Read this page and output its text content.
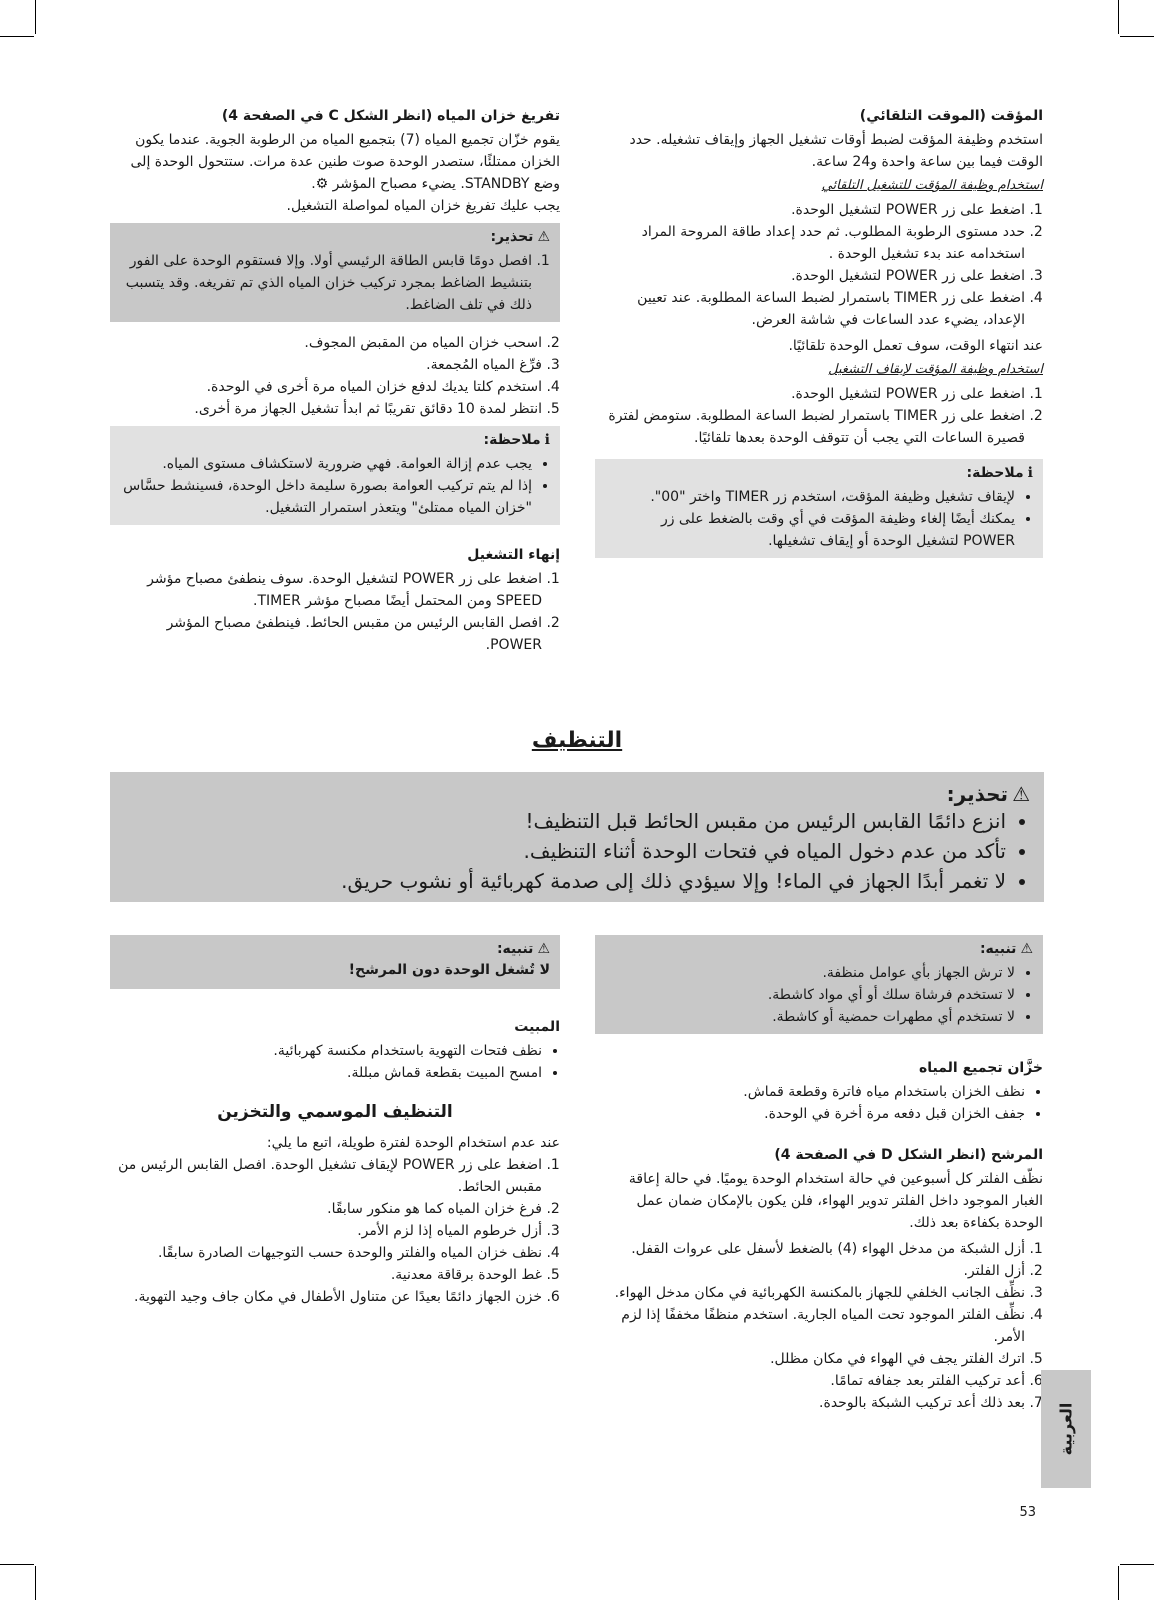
المؤقت (الموقت التلقائي)

استخدم وظيفة المؤقت لضبط أوقات تشغيل الجهاز وإيقاف تشغيله. حدد الوقت فيما بين ساعة واحدة و24 ساعة.

استخدام وظيفة المؤقت للتشغيل التلقائي
1. اضغط على زر POWER لتشغيل الوحدة.
2. حدد مستوى الرطوبة المطلوب. ثم حدد إعداد طاقة المروحة المراد استخدامه عند بدء تشغيل الوحدة .
3. اضغط على زر POWER لتشغيل الوحدة.
4. اضغط على زر TIMER باستمرار لضبط الساعة المطلوبة. عند تعيين الإعداد، يضيء عدد الساعات في شاشة العرض.

عند انتهاء الوقت، سوف تعمل الوحدة تلقائيًا.

استخدام وظيفة المؤقت لإيقاف التشغيل
1. اضغط على زر POWER لتشغيل الوحدة.
2. اضغط على زر TIMER باستمرار لضبط الساعة المطلوبة. ستومض لفترة قصيرة الساعات التي يجب أن تتوقف الوحدة بعدها تلقائيًا.
ℹملاحظة:
• لإيقاف تشغيل وظيفة المؤقت، استخدم زر TIMER واختر "00".
• يمكنك أيضًا إلغاء وظيفة المؤقت في أي وقت بالضغط على زر POWER لتشغيل الوحدة أو إيقاف تشغيلها.
تفريغ خزان المياه (انظر الشكل C في الصفحة 4)

يقوم خزّان تجميع المياه (7) بتجميع المياه من الرطوبة الجوية. عندما يكون الخزان ممتلئًا، ستصدر الوحدة صوت طنين عدة مرات. ستتحول الوحدة إلى وضع STANDBY. يضيء مصباح المؤشر ⚙.

يجب عليك تفريغ خزان المياه لمواصلة التشغيل.

⚠تحذير:
1. افصل دومًا قابس الطاقة الرئيسي أولا. وإلا فستقوم الوحدة على الفور بتنشيط الضاغط بمجرد تركيب خزان المياه الذي تم تفريغه. وقد يتسبب ذلك في تلف الضاغط.
2. اسحب خزان المياه من المقبض المجوف.
3. فرِّغ المياه المُجمعة.
4. استخدم كلتا يديك لدفع خزان المياه مرة أخرى في الوحدة.
5. انتظر لمدة 10 دقائق تقريبًا ثم ابدأ تشغيل الجهاز مرة أخرى.
ℹملاحظة:
• يجب عدم إزالة العوامة. فهي ضرورية لاستكشاف مستوى المياه.
• إذا لم يتم تركيب العوامة بصورة سليمة داخل الوحدة، فسينشط حسَّاس "خزان المياه ممتلئ" ويتعذر استمرار التشغيل.
إنهاء التشغيل
1. اضغط على زر POWER لتشغيل الوحدة. سوف ينطفئ مصباح مؤشر SPEED ومن المحتمل أيضًا مصباح مؤشر TIMER.
2. افصل القابس الرئيس من مقبس الحائط. فينطفئ مصباح المؤشر POWER.
التنظيف
⚠تحذير:
• انزع دائمًا القابس الرئيس من مقبس الحائط قبل التنظيف!
• تأكد من عدم دخول المياه في فتحات الوحدة أثناء التنظيف.
• لا تغمر أبدًا الجهاز في الماء! وإلا سيؤدي ذلك إلى صدمة كهربائية أو نشوب حريق.
⚠تنبيه:
• لا ترش الجهاز بأي عوامل منظفة.
• لا تستخدم فرشاة سلك أو أي مواد كاشطة.
• لا تستخدم أي مطهرات حمضية أو كاشطة.
خزَّان تجميع المياه
• نظف الخزان باستخدام مياه فاترة وقطعة قماش.
• جفف الخزان قبل دفعه مرة أخرة في الوحدة.
المرشح (انظر الشكل D في الصفحة 4)

نظّف الفلتر كل أسبوعين في حالة استخدام الوحدة يوميًا. في حالة إعاقة الغبار الموجود داخل الفلتر تدوير الهواء، فلن يكون بالإمكان ضمان عمل الوحدة بكفاءة بعد ذلك.

1. أزل الشبكة من مدخل الهواء (4) بالضغط لأسفل على عروات القفل.
2. أزل الفلتر.
3. نظِّف الجانب الخلفي للجهاز بالمكنسة الكهربائية في مكان مدخل الهواء.
4. نظِّف الفلتر الموجود تحت المياه الجارية. استخدم منظفًا مخففًا إذا لزم الأمر.
5. اترك الفلتر يجف في الهواء في مكان مظلل.
6. أعد تركيب الفلتر بعد جفافه تمامًا.
7. بعد ذلك أعد تركيب الشبكة بالوحدة.
⚠تنبيه:
لا تُشغل الوحدة دون المرشح!
المبيت
• نظف فتحات التهوية باستخدام مكنسة كهربائية.
• امسح المبيت بقطعة قماش مبللة.
التنظيف الموسمي والتخزين

عند عدم استخدام الوحدة لفترة طويلة، اتبع ما يلي:

1. اضغط على زر POWER لإيقاف تشغيل الوحدة. افصل القابس الرئيس من مقبس الحائط.
2. فرغ خزان المياه كما هو منكور سابقًا.
3. أزل خرطوم المياه إذا لزم الأمر.
4. نظف خزان المياه والفلتر والوحدة حسب التوجيهات الصادرة سابقًا.
5. غط الوحدة برقاقة معدنية.
6. خزن الجهاز دائمًا بعيدًا عن متناول الأطفال في مكان جاف وجيد التهوية.
العربية
53
